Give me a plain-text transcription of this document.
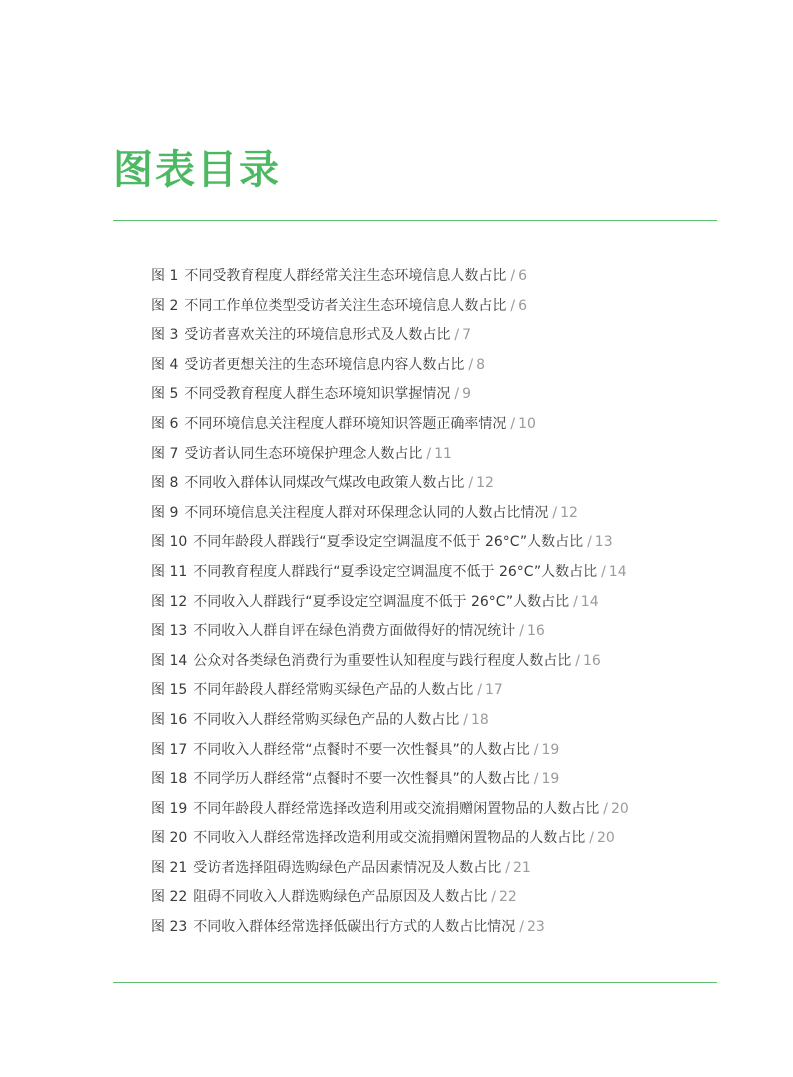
图表目录
图 1 不同受教育程度人群经常关注生态环境信息人数占比 / 6
图 2 不同工作单位类型受访者关注生态环境信息人数占比 / 6
图 3 受访者喜欢关注的环境信息形式及人数占比 / 7
图 4 受访者更想关注的生态环境信息内容人数占比 / 8
图 5 不同受教育程度人群生态环境知识掌握情况 / 9
图 6 不同环境信息关注程度人群环境知识答题正确率情况 / 10
图 7 受访者认同生态环境保护理念人数占比 / 11
图 8 不同收入群体认同煤改气煤改电政策人数占比 / 12
图 9 不同环境信息关注程度人群对环保理念认同的人数占比情况 / 12
图 10 不同年龄段人群践行“夏季设定空调温度不低于 26°C”人数占比 / 13
图 11 不同教育程度人群践行“夏季设定空调温度不低于 26°C”人数占比 / 14
图 12 不同收入人群践行“夏季设定空调温度不低于 26°C”人数占比 / 14
图 13 不同收入人群自评在绿色消费方面做得好的情况统计 / 16
图 14 公众对各类绿色消费行为重要性认知程度与践行程度人数占比 / 16
图 15 不同年龄段人群经常购买绿色产品的人数占比 / 17
图 16 不同收入人群经常购买绿色产品的人数占比 / 18
图 17 不同收入人群经常“点餐时不要一次性餐具”的人数占比 / 19
图 18 不同学历人群经常“点餐时不要一次性餐具”的人数占比 / 19
图 19 不同年龄段人群经常选择改造利用或交流捐赠闲置物品的人数占比 / 20
图 20 不同收入人群经常选择改造利用或交流捐赠闲置物品的人数占比 / 20
图 21 受访者选择阻碍选购绿色产品因素情况及人数占比 / 21
图 22 阻碍不同收入人群选购绿色产品原因及人数占比 / 22
图 23 不同收入群体经常选择低碳出行方式的人数占比情况 / 23
